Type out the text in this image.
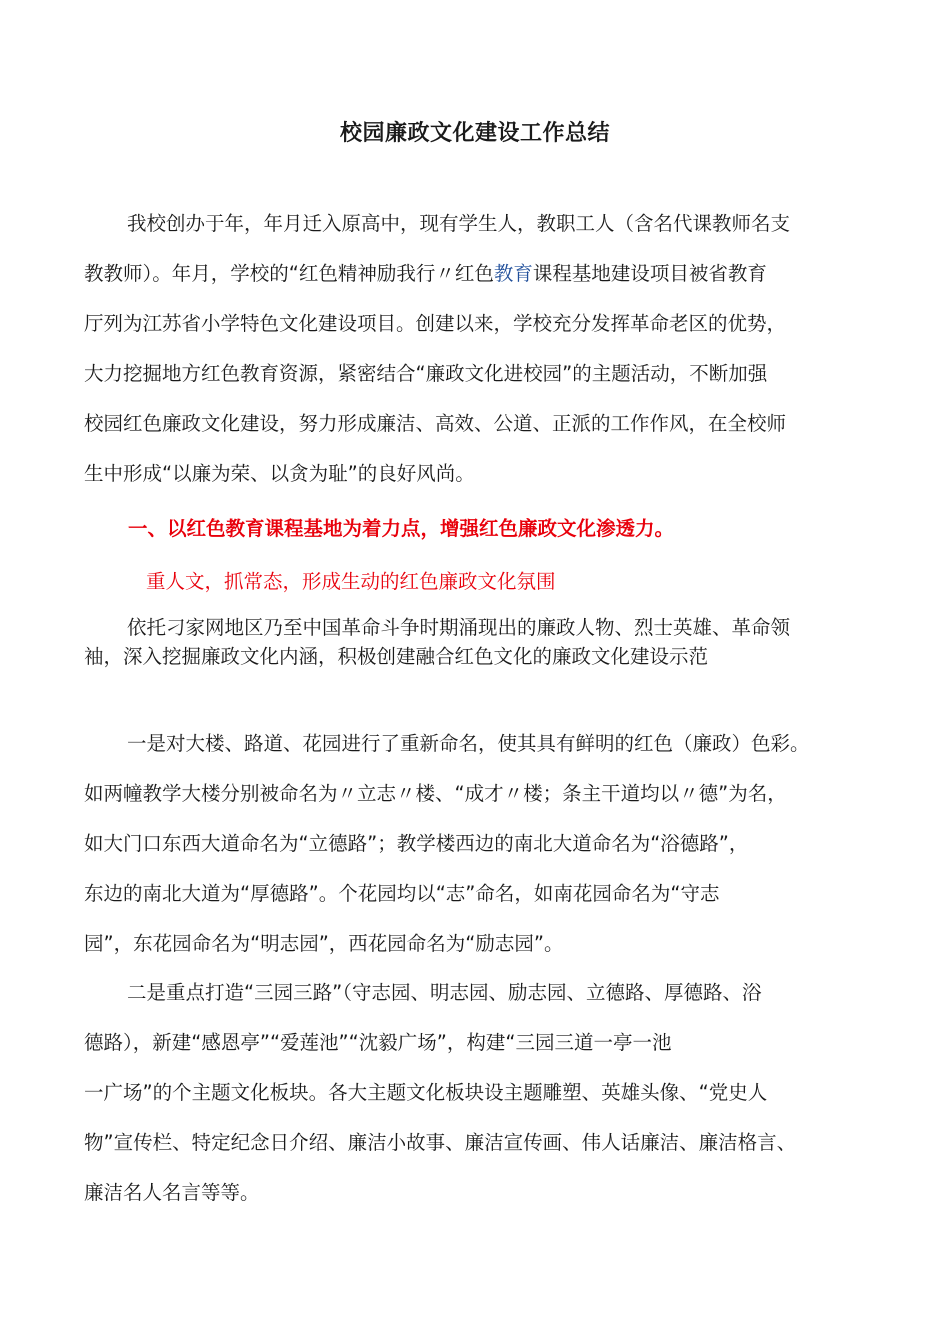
校园廉政文化建设工作总结
我校创办于年，年月迁入原高中，现有学生人，教职工人（含名代课教师名支
教教师）。年月，学校的“红色精神励我行〃红色教育课程基地建设项目被省教育
厅列为江苏省小学特色文化建设项目。创建以来，学校充分发挥革命老区的优势，
大力挖掘地方红色教育资源，紧密结合“廉政文化进校园”的主题活动，不断加强
校园红色廉政文化建设，努力形成廉洁、高效、公道、正派的工作作风，在全校师
生中形成“以廉为荣、以贪为耻”的良好风尚。
一、以红色教育课程基地为着力点，增强红色廉政文化渗透力。
重人文，抓常态，形成生动的红色廉政文化氛围
依托刁家网地区乃至中国革命斗争时期涌现出的廉政人物、烈士英雄、革命领
袖，深入挖掘廉政文化内涵，积极创建融合红色文化的廉政文化建设示范
一是对大楼、路道、花园进行了重新命名，使其具有鲜明的红色（廉政）色彩。
如两幢教学大楼分别被命名为〃立志〃楼、“成才〃楼；条主干道均以〃德”为名，
如大门口东西大道命名为“立德路”；教学楼西边的南北大道命名为“浴德路”，
东边的南北大道为“厚德路”。个花园均以“志”命名，如南花园命名为“守志
园”，东花园命名为“明志园”，西花园命名为“励志园”。
二是重点打造“三园三路”（守志园、明志园、励志园、立德路、厚德路、浴
德路），新建“感恩亭”“爱莲池”“沈毅广场”，构建“三园三道一亭一池
一广场”的个主题文化板块。各大主题文化板块设主题雕塑、英雄头像、“党史人
物”宣传栏、特定纪念日介绍、廉洁小故事、廉洁宣传画、伟人话廉洁、廉洁格言、
廉洁名人名言等等。
